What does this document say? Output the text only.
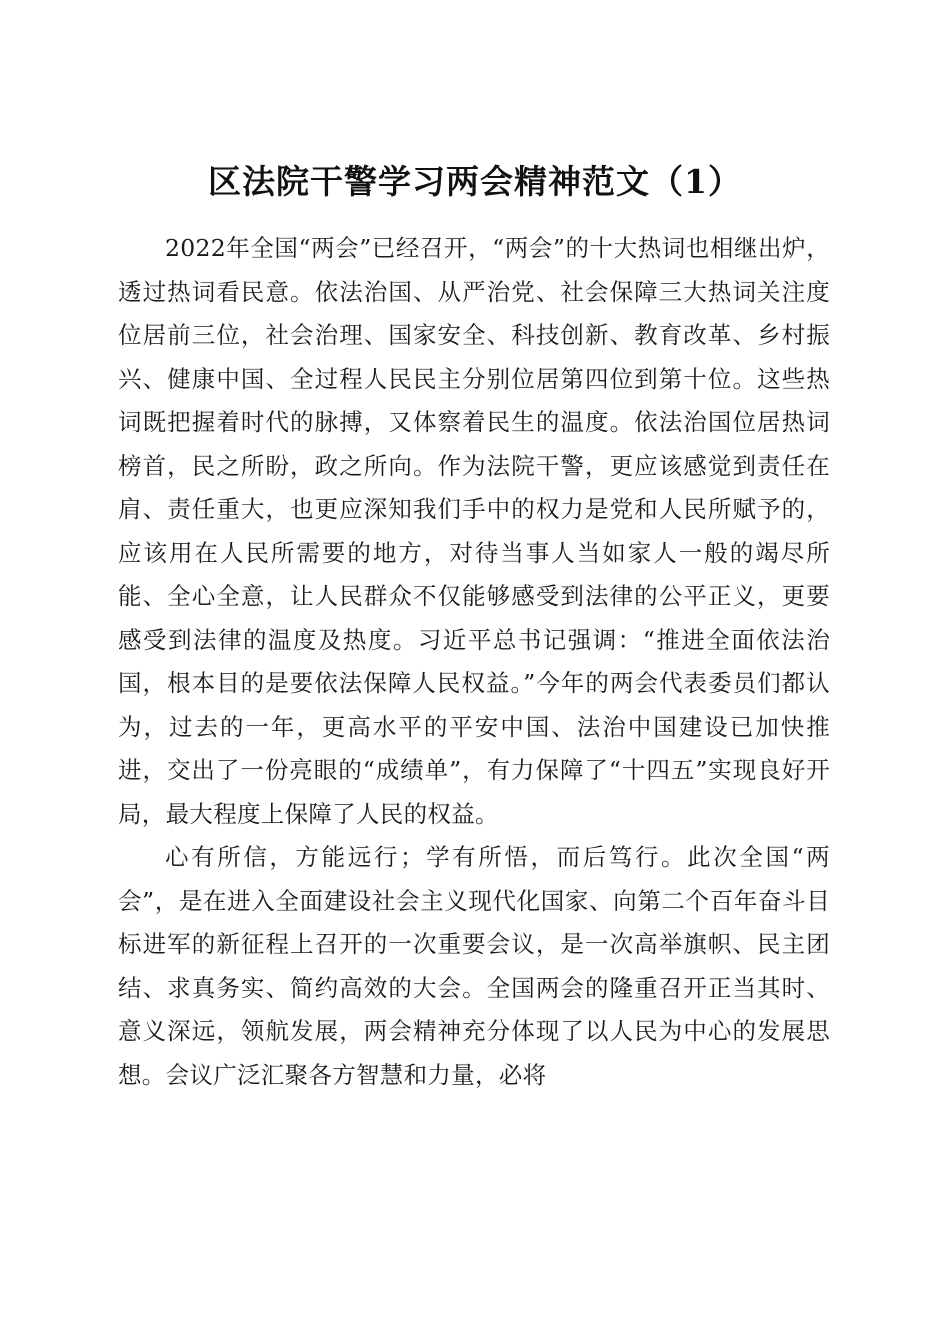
区法院干警学习两会精神范文（1）

2022年全国“两会”已经召开，“两会”的十大热词也相继出炉，透过热词看民意。依法治国、从严治党、社会保障三大热词关注度位居前三位，社会治理、国家安全、科技创新、教育改革、乡村振兴、健康中国、全过程人民民主分别位居第四位到第十位。这些热词既把握着时代的脉搏，又体察着民生的温度。依法治国位居热词榜首，民之所盼，政之所向。作为法院干警，更应该感觉到责任在肩、责任重大，也更应深知我们手中的权力是党和人民所赋予的，应该用在人民所需要的地方，对待当事人当如家人一般的竭尽所能、全心全意，让人民群众不仅能够感受到法律的公平正义，更要感受到法律的温度及热度。习近平总书记强调：“推进全面依法治国，根本目的是要依法保障人民权益。”今年的两会代表委员们都认为，过去的一年，更高水平的平安中国、法治中国建设已加快推进，交出了一份亮眼的“成绩单”，有力保障了“十四五”实现良好开局，最大程度上保障了人民的权益。

心有所信，方能远行；学有所悟，而后笃行。此次全国“两会”，是在进入全面建设社会主义现代化国家、向第二个百年奋斗目标进军的新征程上召开的一次重要会议，是一次高举旗帜、民主团结、求真务实、简约高效的大会。全国两会的隆重召开正当其时、意义深远，领航发展，两会精神充分体现了以人民为中心的发展思想。会议广泛汇聚各方智慧和力量，必将
